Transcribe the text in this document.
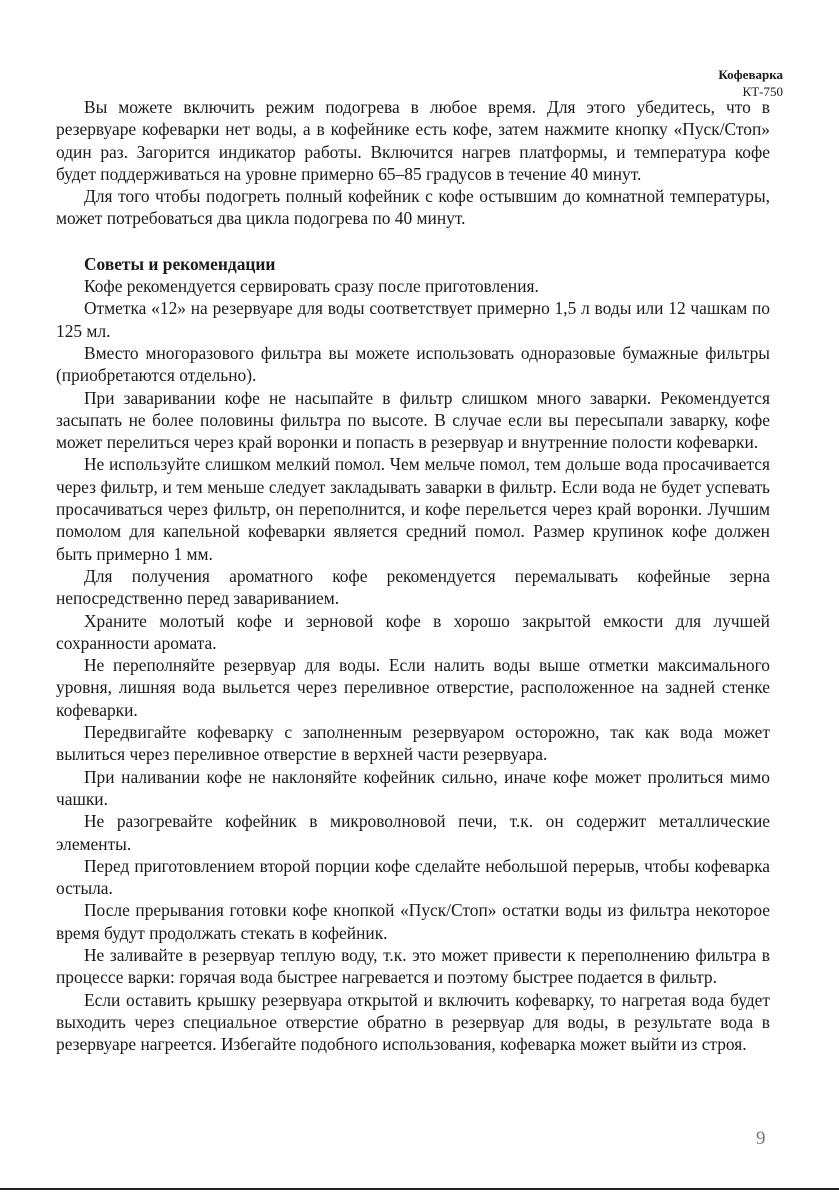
Кофеварка
КТ-750

Вы можете включить режим подогрева в любое время. Для этого убедитесь, что в резервуаре кофеварки нет воды, а в кофейнике есть кофе, затем нажмите кнопку «Пуск/Стоп» один раз. Загорится индикатор работы. Включится нагрев платформы, и температура кофе будет поддерживаться на уровне примерно 65–85 градусов в течение 40 минут.

Для того чтобы подогреть полный кофейник с кофе остывшим до комнатной температуры, может потребоваться два цикла подогрева по 40 минут.

Советы и рекомендации

Кофе рекомендуется сервировать сразу после приготовления.

Отметка «12» на резервуаре для воды соответствует примерно 1,5 л воды или 12 чашкам по 125 мл.

Вместо многоразового фильтра вы можете использовать одноразовые бумажные фильтры (приобретаются отдельно).

При заваривании кофе не насыпайте в фильтр слишком много заварки. Рекомендуется засыпать не более половины фильтра по высоте. В случае если вы пересыпали заварку, кофе может перелиться через край воронки и попасть в резервуар и внутренние полости кофеварки.

Не используйте слишком мелкий помол. Чем мельче помол, тем дольше вода просачивается через фильтр, и тем меньше следует закладывать заварки в фильтр. Если вода не будет успевать просачиваться через фильтр, он переполнится, и кофе перельется через край воронки. Лучшим помолом для капельной кофеварки является средний помол. Размер крупинок кофе должен быть примерно 1 мм.

Для получения ароматного кофе рекомендуется перемалывать кофейные зерна непосредственно перед завариванием.

Храните молотый кофе и зерновой кофе в хорошо закрытой емкости для лучшей сохранности аромата.

Не переполняйте резервуар для воды. Если налить воды выше отметки максимального уровня, лишняя вода выльется через переливное отверстие, расположенное на задней стенке кофеварки.

Передвигайте кофеварку с заполненным резервуаром осторожно, так как вода может вылиться через переливное отверстие в верхней части резервуара.

При наливании кофе не наклоняйте кофейник сильно, иначе кофе может пролиться мимо чашки.

Не разогревайте кофейник в микроволновой печи, т.к. он содержит металлические элементы.

Перед приготовлением второй порции кофе сделайте небольшой перерыв, чтобы кофеварка остыла.

После прерывания готовки кофе кнопкой «Пуск/Стоп» остатки воды из фильтра некоторое время будут продолжать стекать в кофейник.

Не заливайте в резервуар теплую воду, т.к. это может привести к переполнению фильтра в процессе варки: горячая вода быстрее нагревается и поэтому быстрее подается в фильтр.

Если оставить крышку резервуара открытой и включить кофеварку, то нагретая вода будет выходить через специальное отверстие обратно в резервуар для воды, в результате вода в резервуаре нагреется. Избегайте подобного использования, кофеварка может выйти из строя.

9
